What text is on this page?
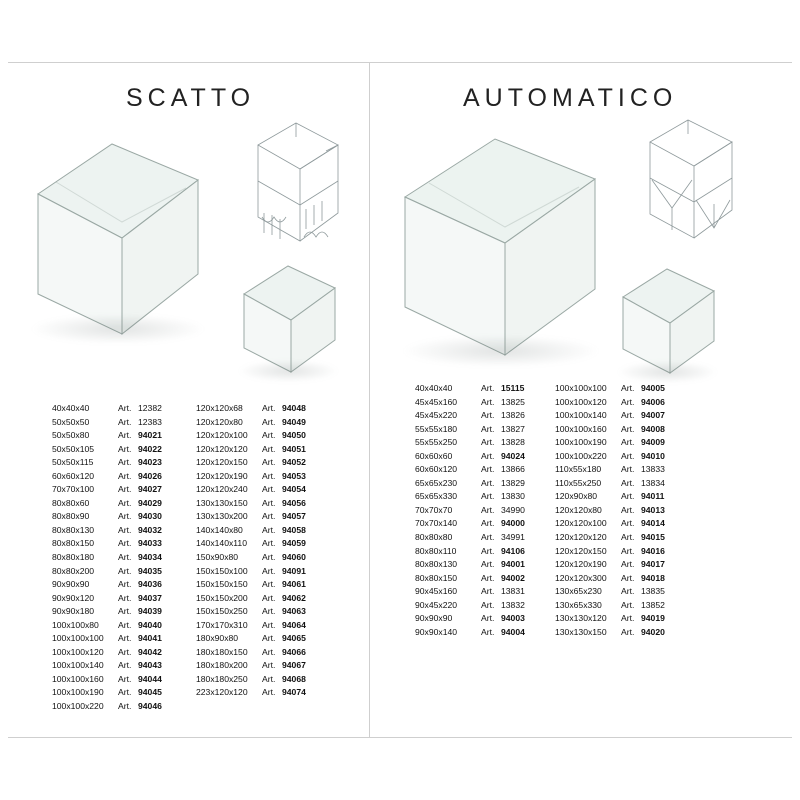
SCATTO
40x40x40	Art. 12382
50x50x50	Art. 12383
50x50x80	Art. 94021
50x50x105	Art. 94022
50x50x115	Art. 94023
60x60x120	Art. 94026
70x70x100	Art. 94027
80x80x60	Art. 94029
80x80x90	Art. 94030
80x80x130	Art. 94032
80x80x150	Art. 94033
80x80x180	Art. 94034
80x80x200	Art. 94035
90x90x90	Art. 94036
90x90x120	Art. 94037
90x90x180	Art. 94039
100x100x80 Art. 94040
100x100x100 Art. 94041
100x100x120 Art. 94042
100x100x140 Art. 94043
100x100x160 Art. 94044
100x100x190 Art. 94045
100x100x220 Art. 94046
120x120x68 Art. 94048
120x120x80 Art. 94049
120x120x100 Art. 94050
120x120x120 Art. 94051
120x120x150 Art. 94052
120x120x190 Art. 94053
120x120x240 Art. 94054
130x130x150 Art. 94056
130x130x200 Art. 94057
140x140x80 Art. 94058
140x140x110 Art. 94059
150x90x80	Art. 94060
150x150x100 Art. 94091
150x150x150 Art. 94061
150x150x200 Art. 94062
150x150x250 Art. 94063
170x170x310 Art. 94064
180x90x80	Art. 94065
180x180x150 Art. 94066
180x180x200 Art. 94067
180x180x250 Art. 94068
223x120x120 Art. 94074
AUTOMATICO
40x40x40	Art. 15115
45x45x160	Art. 13825
45x45x220	Art. 13826
55x55x180	Art. 13827
55x55x250	Art. 13828
60x60x60	Art. 94024
60x60x120	Art. 13866
65x65x230	Art. 13829
65x65x330	Art. 13830
70x70x70	Art. 34990
70x70x140	Art. 94000
80x80x80	Art. 34991
80x80x110	Art. 94106
80x80x130	Art. 94001
80x80x150	Art. 94002
90x45x160	Art. 13831
90x45x220	Art. 13832
90x90x90	Art. 94003
90x90x140	Art. 94004
100x100x100 Art. 94005
100x100x120 Art. 94006
100x100x140 Art. 94007
100x100x160 Art. 94008
100x100x190 Art. 94009
100x100x220 Art. 94010
110x55x180 Art. 13833
110x55x250 Art. 13834
120x90x80	Art. 94011
120x120x80 Art. 94013
120x120x100 Art. 94014
120x120x120 Art. 94015
120x120x150 Art. 94016
120x120x190 Art. 94017
120x120x300 Art. 94018
130x65x230 Art. 13835
130x65x330 Art. 13852
130x130x120 Art. 94019
130x130x150 Art. 94020
